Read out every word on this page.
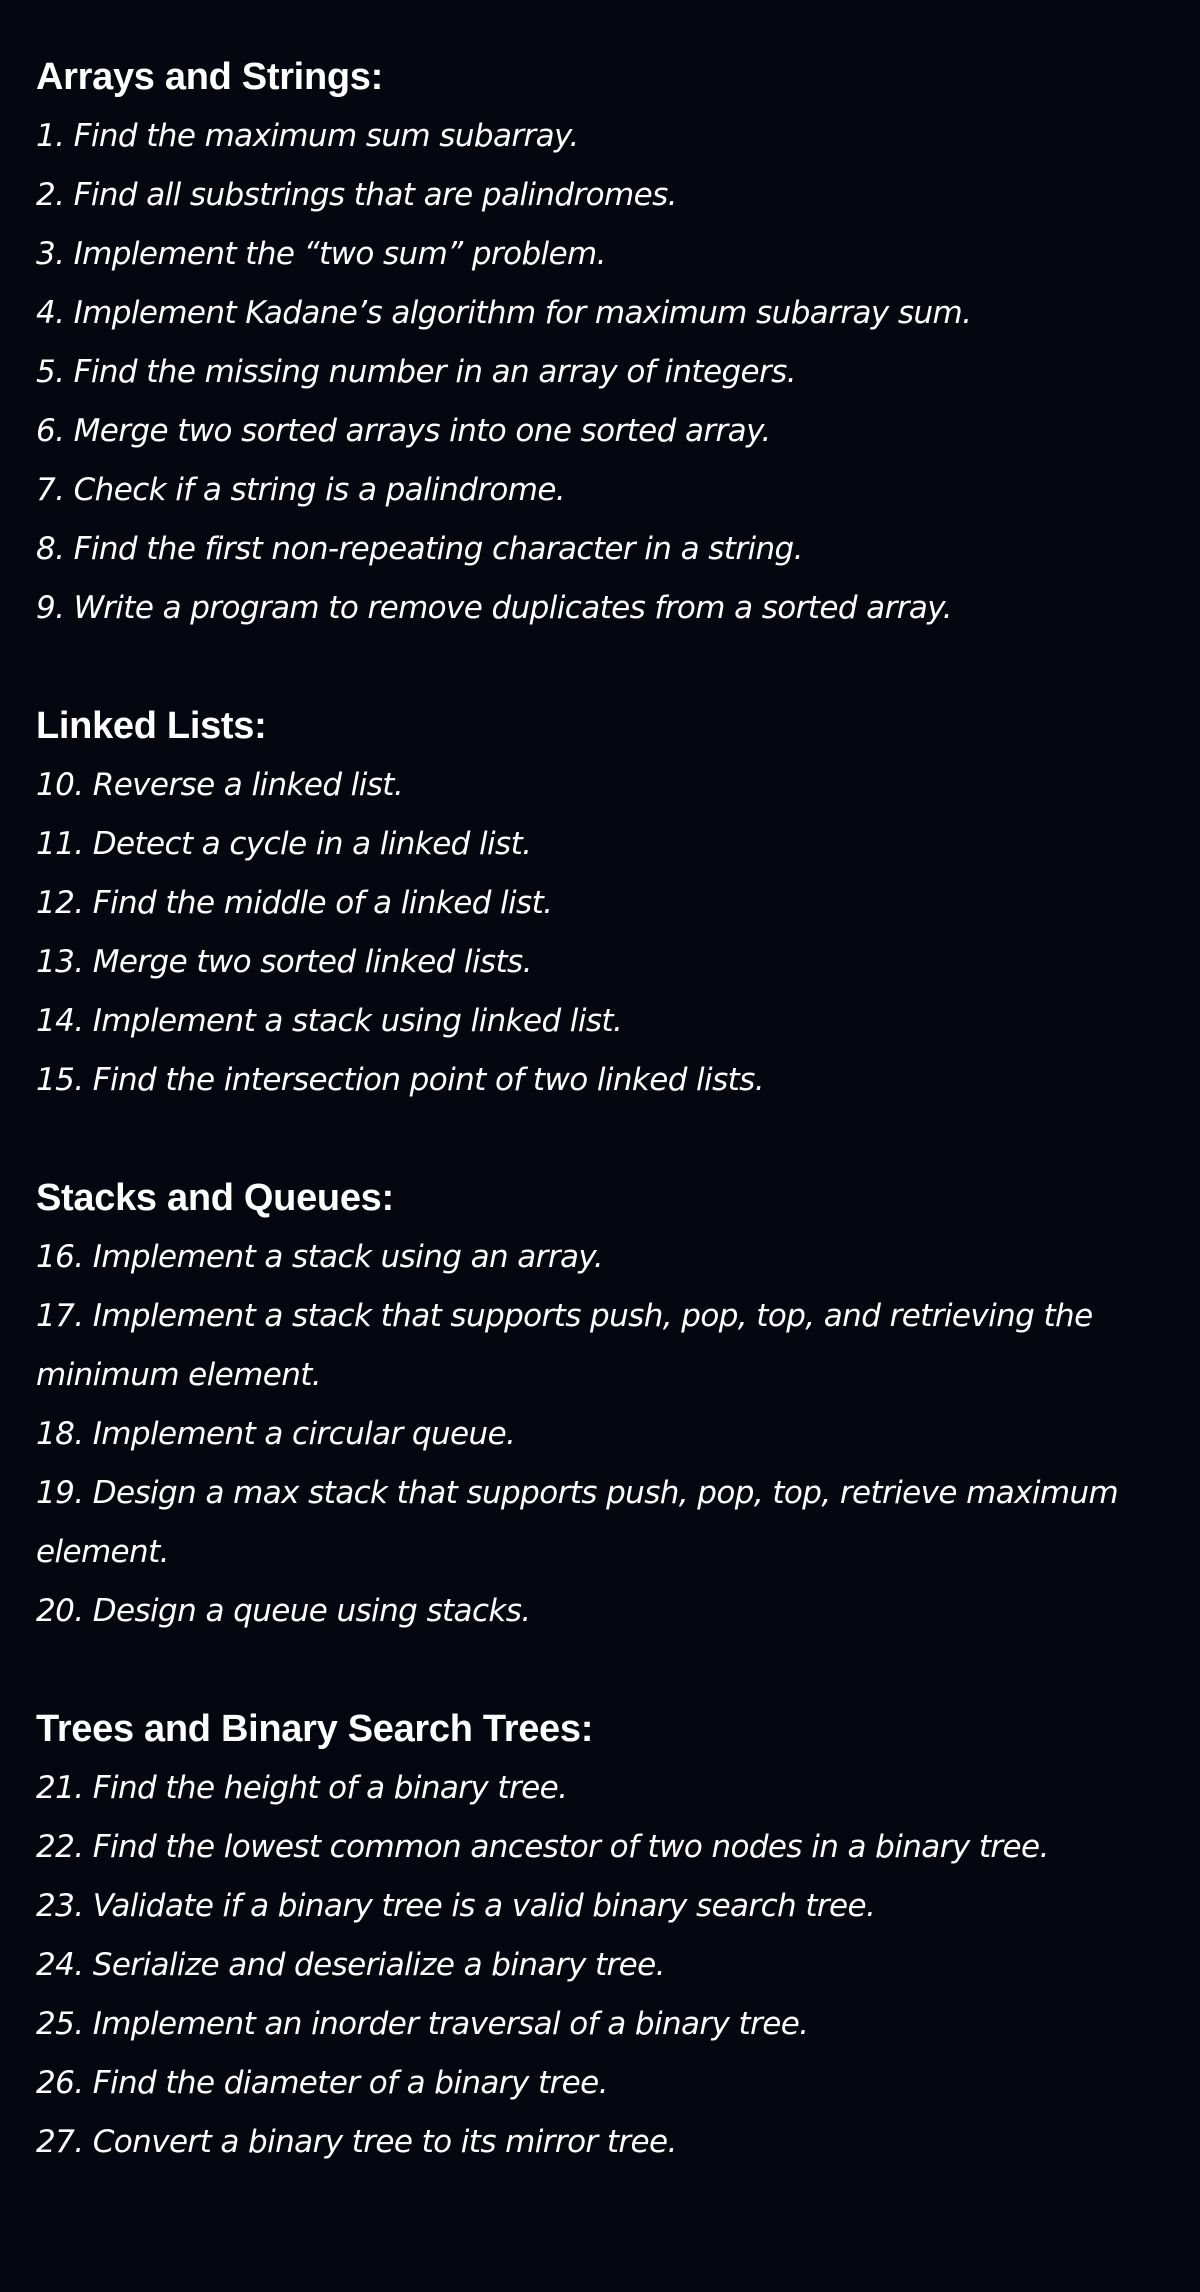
Arrays and Strings:
1. Find the maximum sum subarray.
2. Find all substrings that are palindromes.
3. Implement the “two sum” problem.
4. Implement Kadane’s algorithm for maximum subarray sum.
5. Find the missing number in an array of integers.
6. Merge two sorted arrays into one sorted array.
7. Check if a string is a palindrome.
8. Find the first non-repeating character in a string.
9. Write a program to remove duplicates from a sorted array.
Linked Lists:
10. Reverse a linked list.
11. Detect a cycle in a linked list.
12. Find the middle of a linked list.
13. Merge two sorted linked lists.
14. Implement a stack using linked list.
15. Find the intersection point of two linked lists.
Stacks and Queues:
16. Implement a stack using an array.
17. Implement a stack that supports push, pop, top, and retrieving the minimum element.
18. Implement a circular queue.
19. Design a max stack that supports push, pop, top, retrieve maximum element.
20. Design a queue using stacks.
Trees and Binary Search Trees:
21. Find the height of a binary tree.
22. Find the lowest common ancestor of two nodes in a binary tree.
23. Validate if a binary tree is a valid binary search tree.
24. Serialize and deserialize a binary tree.
25. Implement an inorder traversal of a binary tree.
26. Find the diameter of a binary tree.
27. Convert a binary tree to its mirror tree.
